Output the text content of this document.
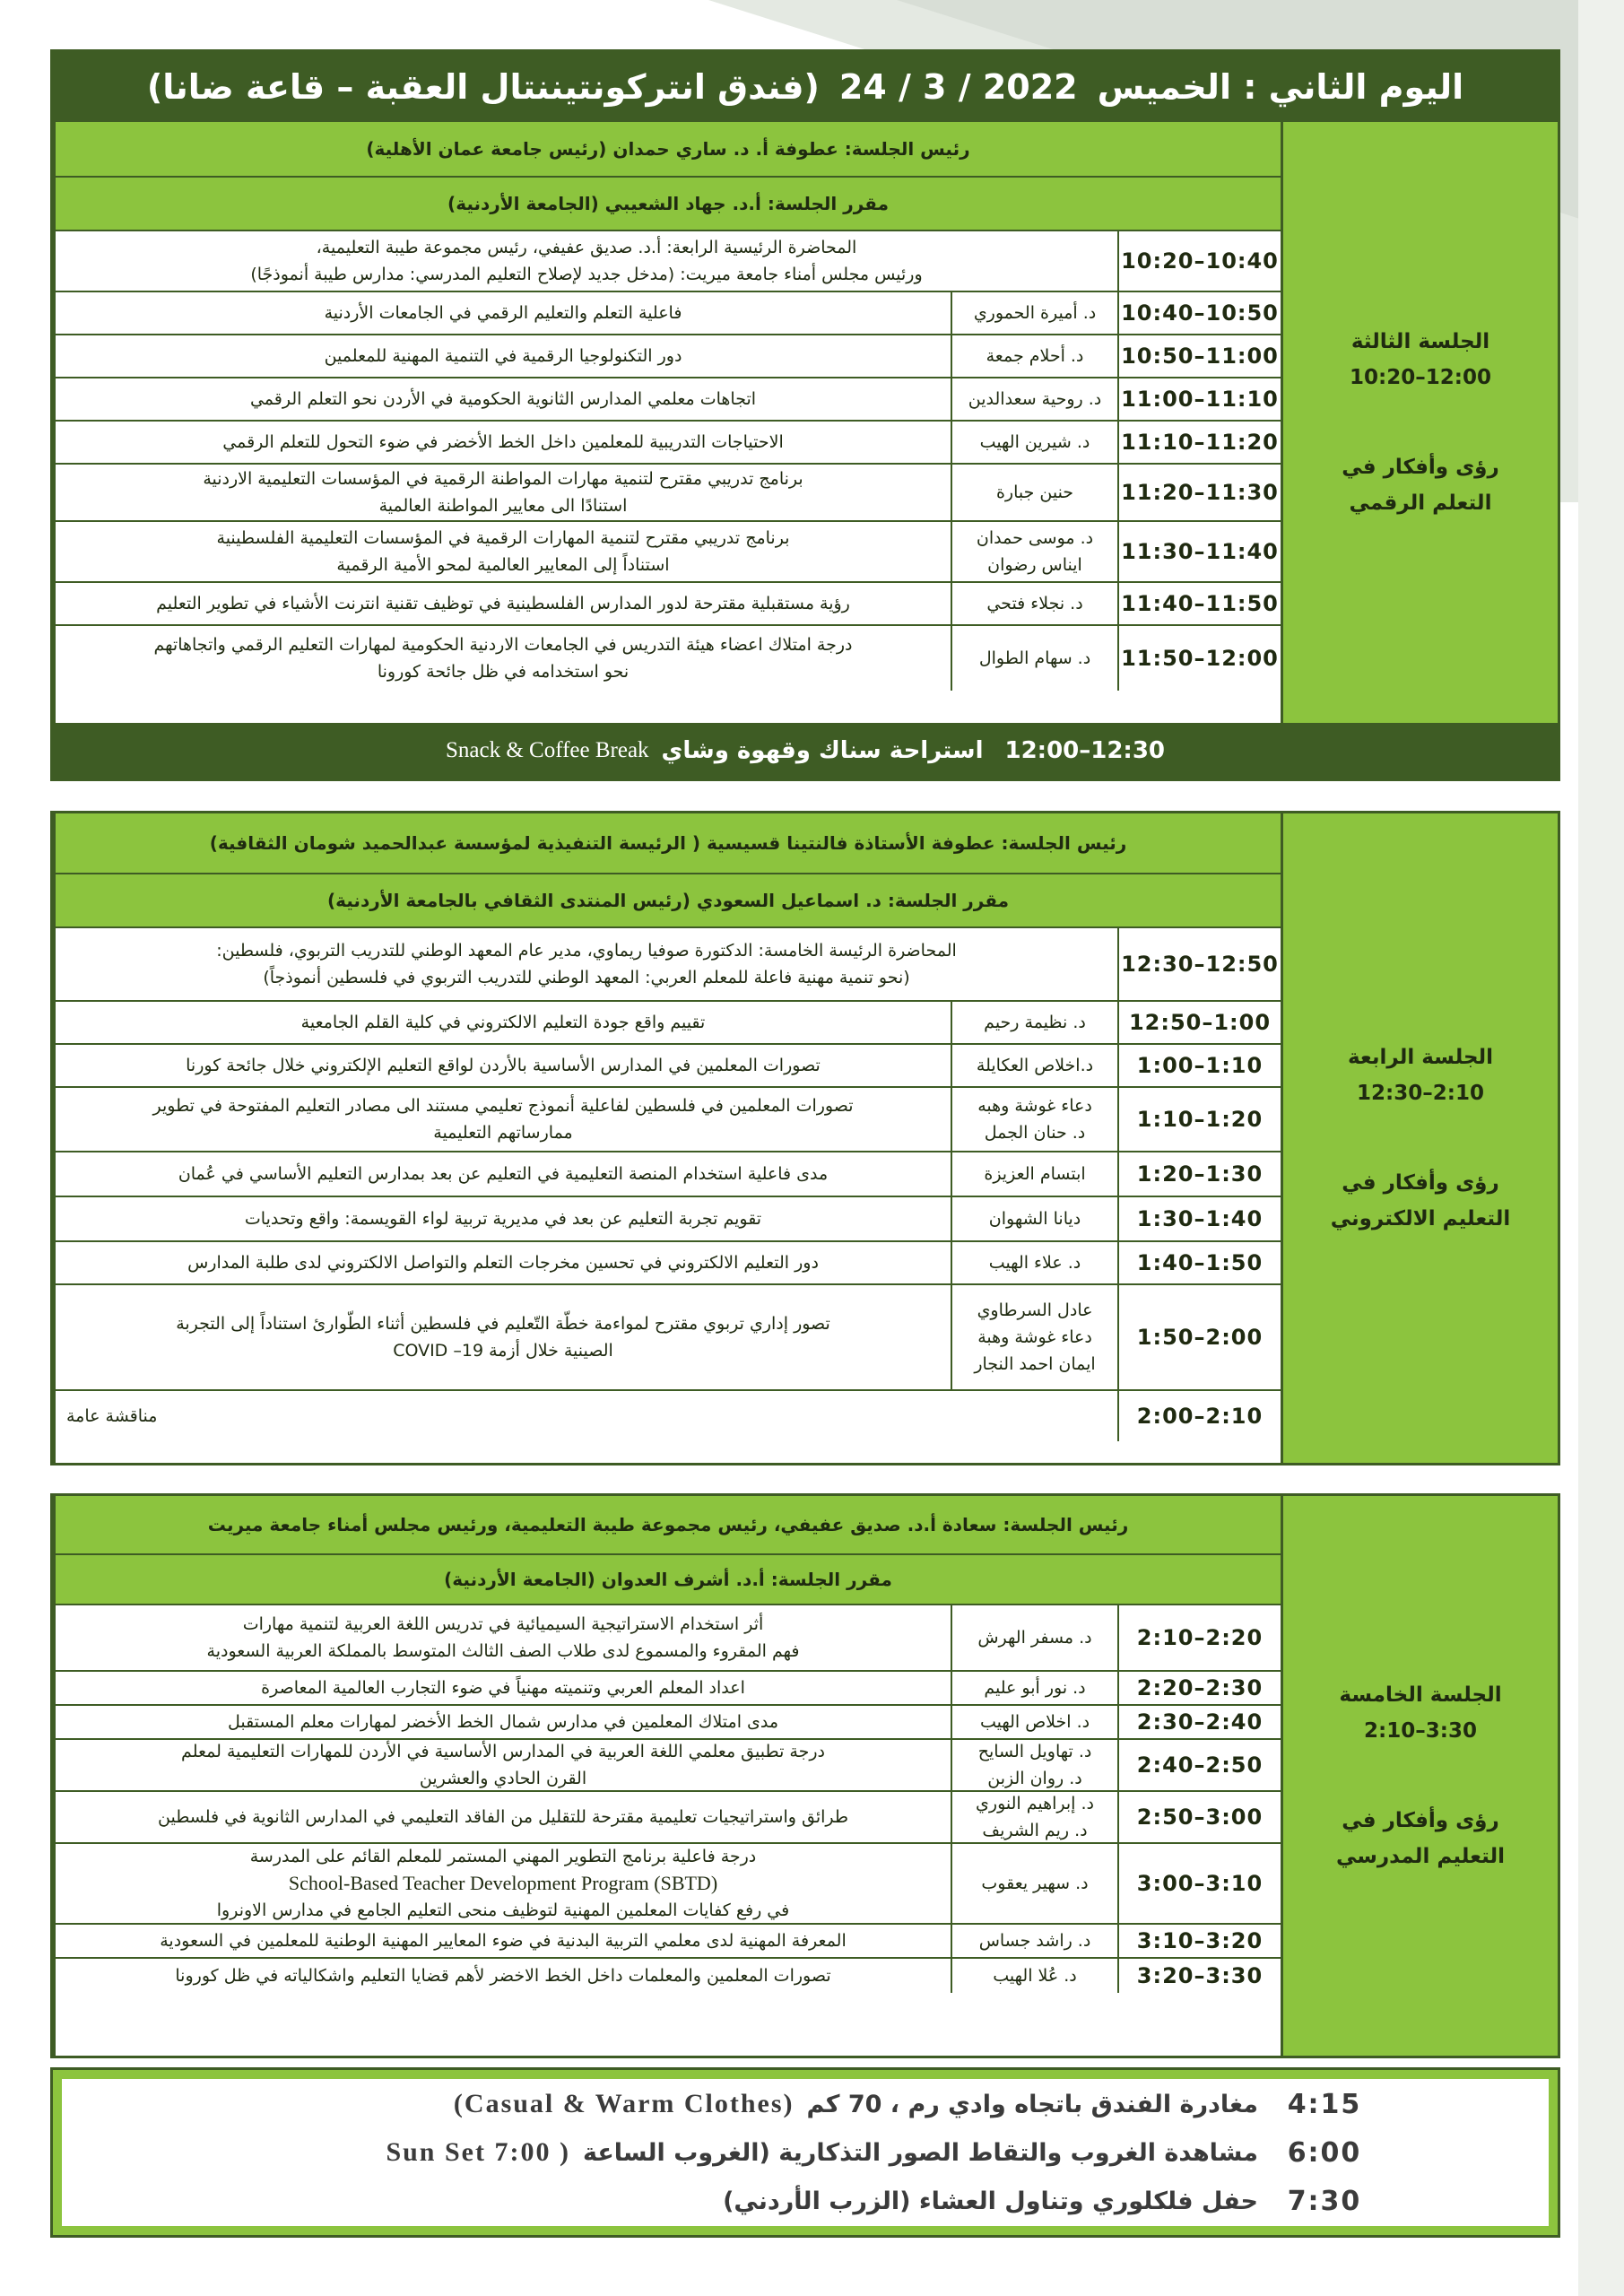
اليوم الثاني : الخميس
24 / 3 / 2022
(فندق انتركونتيننتال العقبة – قاعة ضانا)
الجلسة الثالثة
10:20–12:00
رؤى وأفكار في
التعلم الرقمي
رئيس الجلسة: عطوفة أ. د. ساري حمدان (رئيس جامعة عمان الأهلية)
مقرر الجلسة: أ.د. جهاد الشعيبي (الجامعة الأردنية)
10:20–10:40
المحاضرة الرئيسية الرابعة: أ.د. صديق عفيفي، رئيس مجموعة طيبة التعليمية،
ورئيس مجلس أمناء جامعة ميريت: (مدخل جديد لإصلاح التعليم المدرسي: مدارس طيبة أنموذجًا)
10:40–10:50
د. أميرة الحموري
فاعلية التعلم والتعليم الرقمي في الجامعات الأردنية
10:50–11:00
د. أحلام جمعة
دور التكنولوجيا الرقمية في التنمية المهنية للمعلمين
11:00–11:10
د. روحية سعدالدين
اتجاهات معلمي المدارس الثانوية الحكومية في الأردن نحو التعلم الرقمي
11:10–11:20
د. شيرين الهيب
الاحتياجات التدريبية للمعلمين داخل الخط الأخضر في ضوء التحول للتعلم الرقمي
11:20–11:30
حنين جبارة
برنامج تدريبي مقترح لتنمية مهارات المواطنة الرقمية في المؤسسات التعليمية الاردنية
استنادًا الى معايير المواطنة العالمية
11:30–11:40
د. موسى حمدان
ايناس رضوان
برنامج تدريبي مقترح لتنمية المهارات الرقمية في المؤسسات التعليمية الفلسطينية
استناداً إلى المعايير العالمية لمحو الأمية الرقمية
11:40–11:50
د. نجلاء فتحي
رؤية مستقبلية مقترحة لدور المدارس الفلسطينية في توظيف تقنية انترنت الأشياء في تطوير التعليم
11:50–12:00
د. سهام الطوال
درجة امتلاك اعضاء هيئة التدريس في الجامعات الاردنية الحكومية لمهارات التعليم الرقمي واتجاهاتهم
نحو استخدامه في ظل جائحة كورونا
12:00–12:30
استراحة سناك وقهوة وشاي
Snack & Coffee Break
الجلسة الرابعة
12:30–2:10
رؤى وأفكار في
التعليم الالكتروني
رئيس الجلسة: عطوفة الأستاذة فالنتينا قسيسية ( الرئيسة التنفيذية لمؤسسة عبدالحميد شومان الثقافية)
مقرر الجلسة: د. اسماعيل السعودي (رئيس المنتدى الثقافي بالجامعة الأردنية)
12:30–12:50
المحاضرة الرئيسة الخامسة: الدكتورة صوفيا ريماوي، مدير عام المعهد الوطني للتدريب التربوي، فلسطين:
(نحو تنمية مهنية فاعلة للمعلم العربي: المعهد الوطني للتدريب التربوي في فلسطين أنموذجاً)
12:50–1:00
د. نظيمة رحيم
تقييم واقع جودة التعليم الالكتروني في كلية القلم الجامعية
1:00–1:10
د.اخلاص العكايلة
تصورات المعلمين في المدارس الأساسية بالأردن لواقع التعليم الإلكتروني خلال جائحة كورنا
1:10–1:20
دعاء غوشة وهبه
د. حنان الجمل
تصورات المعلمين في فلسطين لفاعلية أنموذج تعليمي مستند الى مصادر التعليم المفتوحة في تطوير
ممارساتهم التعليمية
1:20–1:30
ابتسام العزيزة
مدى فاعلية استخدام المنصة التعليمية في التعليم عن بعد بمدارس التعليم الأساسي في عُمان
1:30–1:40
ديانا الشهوان
تقويم تجربة التعليم عن بعد في مديرية تربية لواء القويسمة: واقع وتحديات
1:40–1:50
د. علاء الهيب
دور التعليم الالكتروني في تحسين مخرجات التعلم والتواصل الالكتروني لدى طلبة المدارس
1:50–2:00
عادل السرطاوي
دعاء غوشة وهبة
ايمان احمد النجار
تصور إداري تربوي مقترح لمواءمة خطّة التّعليم في فلسطين أثناء الطّوارئ استناداً إلى التجربة
الصينية خلال أزمة 19– COVID
2:00–2:10
مناقشة عامة
الجلسة الخامسة
2:10–3:30
رؤى وأفكار في
التعليم المدرسي
رئيس الجلسة: سعادة أ.د. صديق عفيفي، رئيس مجموعة طيبة التعليمية، ورئيس مجلس أمناء جامعة ميريت
مقرر الجلسة: أ.د. أشرف العدوان (الجامعة الأردنية)
2:10–2:20
د. مسفر الهرش
أثر استخدام الاستراتيجية السيميائية في تدريس اللغة العربية لتنمية مهارات
فهم المقروء والمسموع لدى طلاب الصف الثالث المتوسط بالمملكة العربية السعودية
2:20–2:30
د. نور أبو عليم
اعداد المعلم العربي وتنميته مهنياً في ضوء التجارب العالمية المعاصرة
2:30–2:40
د. اخلاص الهيب
مدى امتلاك المعلمين في مدارس شمال الخط الأخضر لمهارات معلم المستقبل
2:40–2:50
د. تهاويل السايح
د. روان الزبن
درجة تطبيق معلمي اللغة العربية في المدارس الأساسية في الأردن للمهارات التعليمية لمعلم
القرن الحادي والعشرين
2:50–3:00
د. إبراهيم النوري
د. ريم الشريف
طرائق واستراتيجيات تعليمية مقترحة للتقليل من الفاقد التعليمي في المدارس الثانوية في فلسطين
3:00–3:10
د. سهير يعقوب
درجة فاعلية برنامج التطوير المهني المستمر للمعلم القائم على المدرسة
School-Based Teacher Development Program (SBTD)
في رفع كفايات المعلمين المهنية لتوظيف منحى التعليم الجامع في مدارس الاونروا
3:10–3:20
د. راشد جساس
المعرفة المهنية لدى معلمي التربية البدنية في ضوء المعايير المهنية الوطنية للمعلمين في السعودية
3:20–3:30
د. عُلا الهيب
تصورات المعلمين والمعلمات داخل الخط الاخضر لأهم قضايا التعليم واشكالياته في ظل كورونا
4:15
مغادرة الفندق باتجاه وادي رم ، 70 كم
(Casual & Warm Clothes)
6:00
مشاهدة الغروب والتقاط الصور التذكارية (الغروب الساعة
Sun Set 7:00 )
7:30
حفل فلكلوري وتناول العشاء (الزرب الأردني)
